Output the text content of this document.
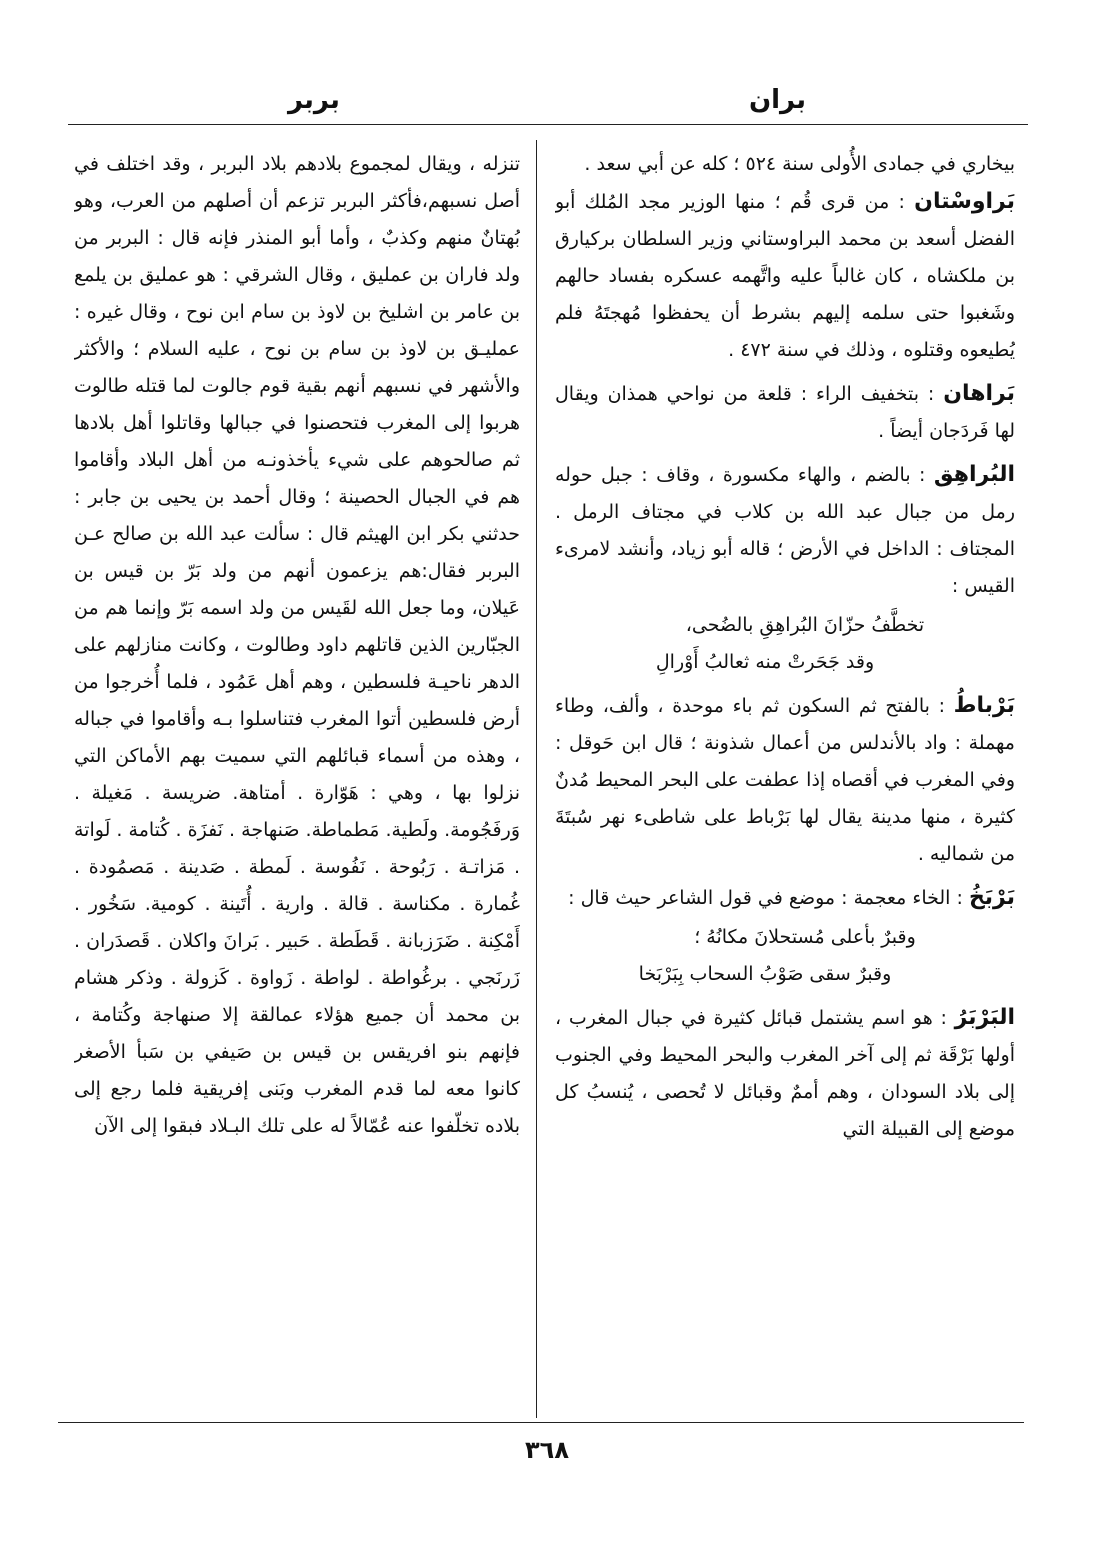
بران
بربر

بيخاري في جمادى الأُولى سنة ٥٢٤ ؛ كله عن أبي سعد .

بَراوسْتان : من قرى قُم ؛ منها الوزير مجد المُلك أبو الفضل أسعد بن محمد البراوستاني وزير السلطان بركيارق بن ملكشاه ، كان غالباً عليه واتَّهمه عسكره بفساد حالهم وشَغبوا حتى سلمه إليهم بشرط أن يحفظوا مُهجتَهُ فلم يُطيعوه وقتلوه ، وذلك في سنة ٤٧٢ .
بَراهان : بتخفيف الراء : قلعة من نواحي همذان ويقال لها فَردَجان أيضاً .
البُراهِق : بالضم ، والهاء مكسورة ، وقاف : جبل حوله رمل من جبال عبد الله بن كلاب في مجتاف الرمل . المجتاف : الداخل في الأرض ؛ قاله أبو زياد، وأنشد لامرىء القيس :
تخطَّفُ حزّانَ البُراهِقِ بالضُحى،
وقد جَحَرتْ منه ثعالبُ أَوْرالِ
بَرْباطُ : بالفتح ثم السكون ثم باء موحدة ، وألف، وطاء مهملة : واد بالأندلس من أعمال شذونة ؛ قال ابن حَوقل : وفي المغرب في أقصاه إذا عطفت على البحر المحيط مُدنٌ كثيرة ، منها مدينة يقال لها بَرْباط على شاطىء نهر سُبتَةَ من شماليه .
بَرْبَخُ : الخاء معجمة : موضع في قول الشاعر حيث قال :
وقبرٌ بأعلى مُستحلانَ مكانُهُ ؛
وقبرٌ سقى صَوْبُ السحاب بِبَرْبَخا
البَرْبَرُ : هو اسم يشتمل قبائل كثيرة في جبال المغرب ، أولها بَرْقَة ثم إلى آخر المغرب والبحر المحيط وفي الجنوب إلى بلاد السودان ، وهم أممٌ وقبائل لا تُحصى ، يُنسبُ كل موضع إلى القبيلة التي

تنزله ، ويقال لمجموع بلادهم بلاد البربر ، وقد اختلف في أصل نسبهم،فأكثر البربر تزعم أن أصلهم من العرب، وهو بُهتانٌ منهم وكذبٌ ، وأما أبو المنذر فإنه قال : البربر من ولد فاران بن عمليق ، وقال الشرقي : هو عمليق بن يلمع بن عامر بن اشليخ بن لاوذ بن سام ابن نوح ، وقال غيره : عمليـق بن لاوذ بن سام بن نوح ، عليه السلام ؛ والأكثر والأشهر في نسبهم أنهم بقية قوم جالوت لما قتله طالوت هربوا إلى المغرب فتحصنوا في جبالها وقاتلوا أهل بلادها ثم صالحوهم على شيء يأخذونـه من أهل البلاد وأقاموا هم في الجبال الحصينة ؛ وقال أحمد بن يحيى بن جابر : حدثني بكر ابن الهيثم قال : سألت عبد الله بن صالح عـن البربر فقال:هم يزعمون أنهم من ولد بَرّ بن قيس بن عَيلان، وما جعل الله لقَيس من ولد اسمه بَرّ وإنما هم من الجبّارين الذين قاتلهم داود وطالوت ، وكانت منازلهم على الدهر ناحيـة فلسطين ، وهم أهل عَمُود ، فلما أُخرجوا من أرض فلسطين أتوا المغرب فتناسلوا بـه وأقاموا في جباله ، وهذه من أسماء قبائلهم التي سميت بهم الأماكن التي نزلوا بها ، وهي : هَوّارة . أمتاهة. ضريسة . مَغيلة . وَرفَجُومة. ولَطية. مَطماطة. صَنهاجة . نَفزَة . كُتامة . لَواتة . مَزاتـة . رَبُوحة . نَفُوسة . لَمطة . صَدينة . مَصمُودة . غُمارة . مكناسة . قالة . وارية . أُتَينة . كومية. سَخُور . أَمْكِنة . ضَرَزبانة . قَطَطة . حَبير . بَرانَ واكلان . قَصدَران . زَرنَجي . برغُواطة . لواطة . زَواوة . كَزولة . وذكر هشام بن محمد أن جميع هؤلاء عمالقة إلا صنهاجة وكُتامة ، فإنهم بنو افريقس بن قيس بن صَيفي بن سَبأ الأصغر كانوا معه لما قدم المغرب وبَنى إفريقية فلما رجع إلى بلاده تخلّفوا عنه عُمّالاً له على تلك البـلاد فبقوا إلى الآن

٣٦٨
